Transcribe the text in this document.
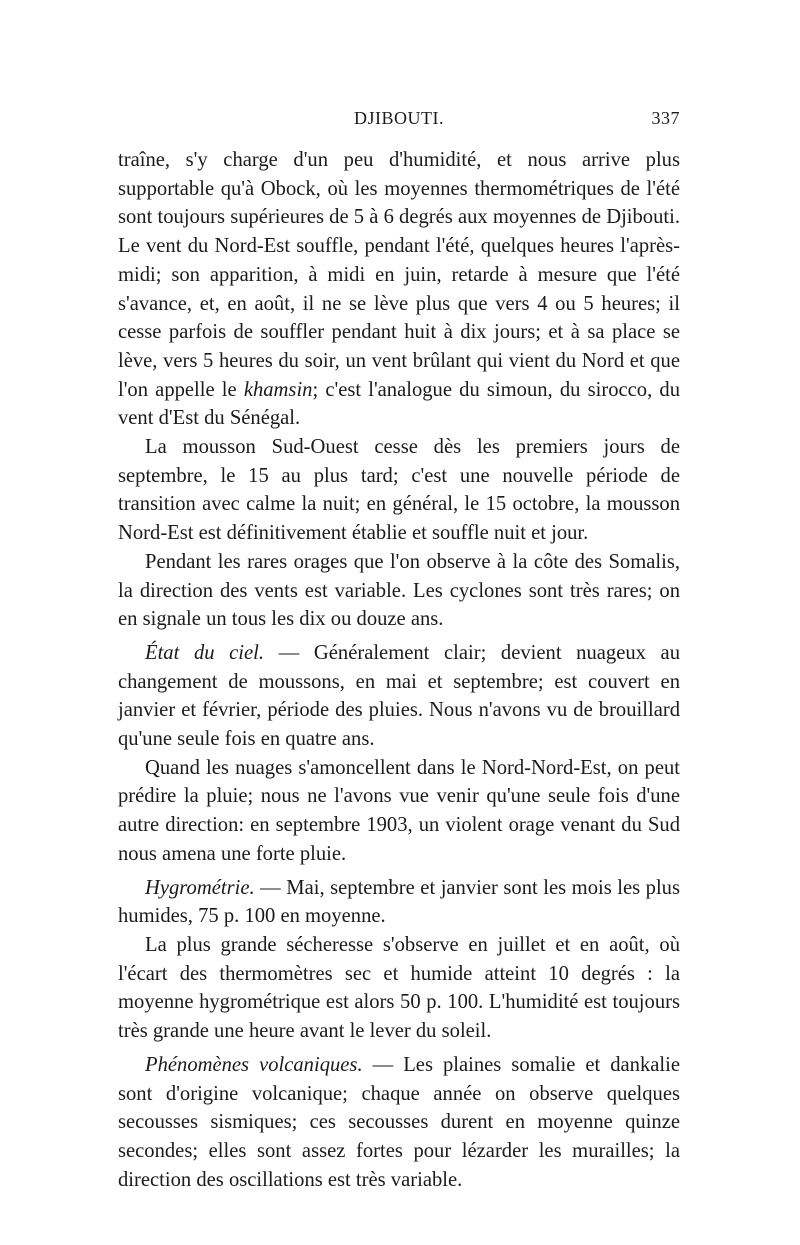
DJIBOUTI.	337

traîne, s'y charge d'un peu d'humidité, et nous arrive plus supportable qu'à Obock, où les moyennes thermométriques de l'été sont toujours supérieures de 5 à 6 degrés aux moyennes de Djibouti. Le vent du Nord-Est souffle, pendant l'été, quelques heures l'après-midi; son apparition, à midi en juin, retarde à mesure que l'été s'avance, et, en août, il ne se lève plus que vers 4 ou 5 heures; il cesse parfois de souffler pendant huit à dix jours; et à sa place se lève, vers 5 heures du soir, un vent brûlant qui vient du Nord et que l'on appelle le khamsin; c'est l'analogue du simoun, du sirocco, du vent d'Est du Sénégal.

La mousson Sud-Ouest cesse dès les premiers jours de septembre, le 15 au plus tard; c'est une nouvelle période de transition avec calme la nuit; en général, le 15 octobre, la mousson Nord-Est est définitivement établie et souffle nuit et jour.

Pendant les rares orages que l'on observe à la côte des Somalis, la direction des vents est variable. Les cyclones sont très rares; on en signale un tous les dix ou douze ans.

État du ciel. — Généralement clair; devient nuageux au changement de moussons, en mai et septembre; est couvert en janvier et février, période des pluies. Nous n'avons vu de brouillard qu'une seule fois en quatre ans.

Quand les nuages s'amoncellent dans le Nord-Nord-Est, on peut prédire la pluie; nous ne l'avons vue venir qu'une seule fois d'une autre direction: en septembre 1903, un violent orage venant du Sud nous amena une forte pluie.

Hygrométrie. — Mai, septembre et janvier sont les mois les plus humides, 75 p. 100 en moyenne.

La plus grande sécheresse s'observe en juillet et en août, où l'écart des thermomètres sec et humide atteint 10 degrés : la moyenne hygrométrique est alors 50 p. 100. L'humidité est toujours très grande une heure avant le lever du soleil.

Phénomènes volcaniques. — Les plaines somalie et dankalie sont d'origine volcanique; chaque année on observe quelques secousses sismiques; ces secousses durent en moyenne quinze secondes; elles sont assez fortes pour lézarder les murailles; la direction des oscillations est très variable.
